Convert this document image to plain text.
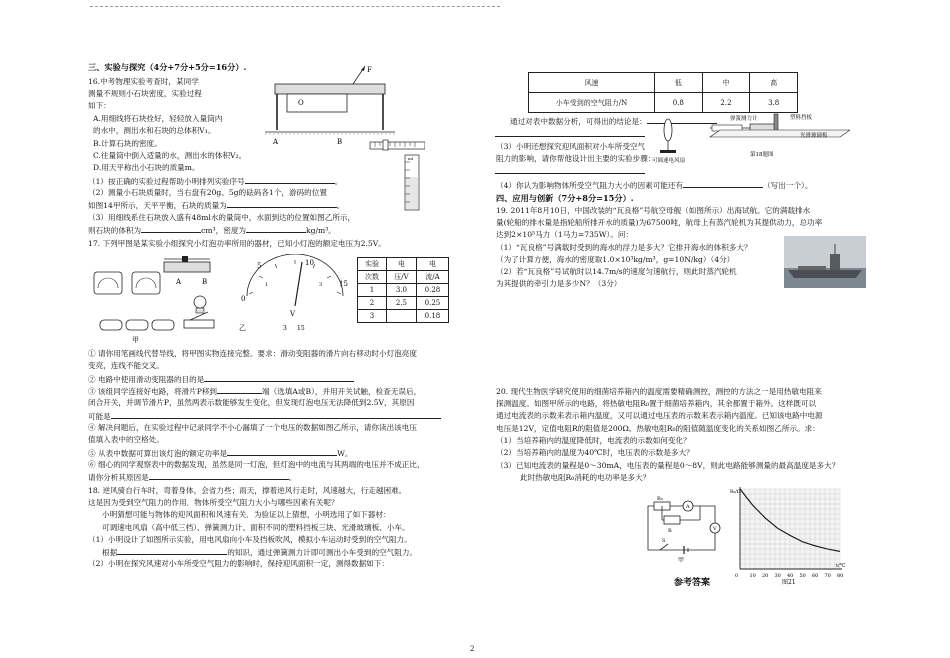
三、实验与探究（4分+7分+5分=16分）.
16.中考物理实验考查时，某同学
测量不规则小石块密度，实验过程
如下：
A.用细线将石块拴好，轻轻放入量筒内
的水中，测出水和石块的总体积V₁。
B.计算石块的密度。
C.往量筒中倒入适量的水，测出水的体积V₂。
D.用天平称出小石块的质量m。
（1）按正确的实验过程帮助小明排列实验序号	。
（2）测量小石块质量时，当右盘有20g、5g的砝码各1个，游码的位置
如图14甲所示，天平平衡，石块的质量为	。
（3）用细线系住石块放入盛有48ml水的量筒中，水面到达的位置如图乙所示，
则石块的体积为	cm³，密度为	kg/m³。
F
O
A	B
ml
17. 下列甲图是某实验小组探究小灯泡功率所用的器材，已知小灯泡的额定电压为2.5V。
A	B
甲
5	10
15
0
1	3
V
乙	3 15
实验	电	电
次数	压/V	流/A
1	3.0	0.28
2	2.5	0.25
3		0.18
① 请你用笔画线代替导线，将甲图实物连接完整。要求：滑动变阻器的滑片向右移动时小灯泡亮度
变亮，连线不能交叉。
② 电路中使用滑动变阻器的目的是
③ 该组同学连接好电路，将滑片P移到	端（选填A或B），并用开关试触，检查无误后，
闭合开关，并调节滑片P，虽然两表示数能够发生变化，但发现灯泡电压无法降低到2.5V，其原因
可能是
④ 解决问题后，在实验过程中记录同学不小心漏填了一个电压的数据如图乙所示，请你读出该电压
值填入表中的空格处。
⑤ 从表中数据可算出该灯泡的额定功率是	W。
⑥ 细心的同学观察表中的数据发现，虽然是同一灯泡，但灯泡中的电流与其两端的电压并不成正比，
请你分析其原因是	。
18. 逆风骑自行车时，弯着身体，会省力些；雨天，撑着逆风行走时，风速越大，行走越困难。
这是因为受到空气阻力的作用．物体所受空气阻力大小与哪些因素有关呢？
小明猜想可能与物体的迎风面积和风速有关．为验证以上猜想，小明选用了如下器材：
可调速电风扇（高中低三档）、弹簧测力计、面积不同的塑料挡板三块、光滑玻璃板、小车。
（1）小明设计了如图所示实验，用电风扇向小车及挡板吹风，模拟小车运动时受到的空气阻力。
根据	的知识，通过弹簧测力计即可测出小车受到的空气阻力。
（2）小明在探究风速对小车所受空气阻力的影响时，保持迎风面积一定，测得数据如下：
风速	低	中	高
小车受到的空气阻力/N	0.8	2.2	3.8
通过对表中数据分析，可得出的结论是：
（3）小明还想探究迎风面积对小车所受空气
阻力的影响，请你帮他设计出主要的实验步骤：
弹簧测力计	塑料挡板
光滑玻璃板
可调速电风扇
第18题图
（4）你认为影响物体所受空气阻力大小的因素可能还有	（写出一个）。
四、应用与创新（7分+8分=15分）.
19. 2011年8月10日，中国改装的“瓦良格”号航空母舰（如图所示）出海试航。它的满载排水
量(轮船的排水量是指轮船所排开水的质量)为67500吨，航母上有蒸汽轮机为其提供动力，总功率
达到2×10⁵马力（1马力=735W）。问：
（1）“瓦良格”号满载时受到的海水的浮力是多大？它排开海水的体积多大？
（为了计算方便，海水的密度取1.0×10³kg/m³，g=10N/kg）（4分）
（2）若“瓦良格”号试航时以14.7m/s的速度匀速航行，则此时蒸汽轮机
为其提供的牵引力是多少N？（3分）
20. 现代生物医学研究使用的细菌培养箱内的温度需要精确测控，测控的方法之一是用热敏电阻来
探测温度。如图甲所示的电路，将热敏电阻R₀置于细菌培养箱内，其余都置于箱外。这样既可以
通过电流表的示数来表示箱内温度，又可以通过电压表的示数来表示箱内温度。已知该电路中电源
电压是12V，定值电阻R的阻值是200Ω。热敏电阻R₀的阻值随温度变化的关系如图乙所示。求：
（1）当培养箱内的温度降低时，电流表的示数如何变化？
（2）当培养箱内的温度为40℃时，电压表的示数是多大？
（3）已知电流表的量程是0～30mA，电压表的量程是0～8V，则此电路能够测量的最高温度是多大？
此时热敏电阻R₀消耗的电功率是多大？
A
V
R₀
R
S
甲
R₀/Ω
0 10 20 30 40 50 60 70 80
t/℃
图21
参考答案
2
